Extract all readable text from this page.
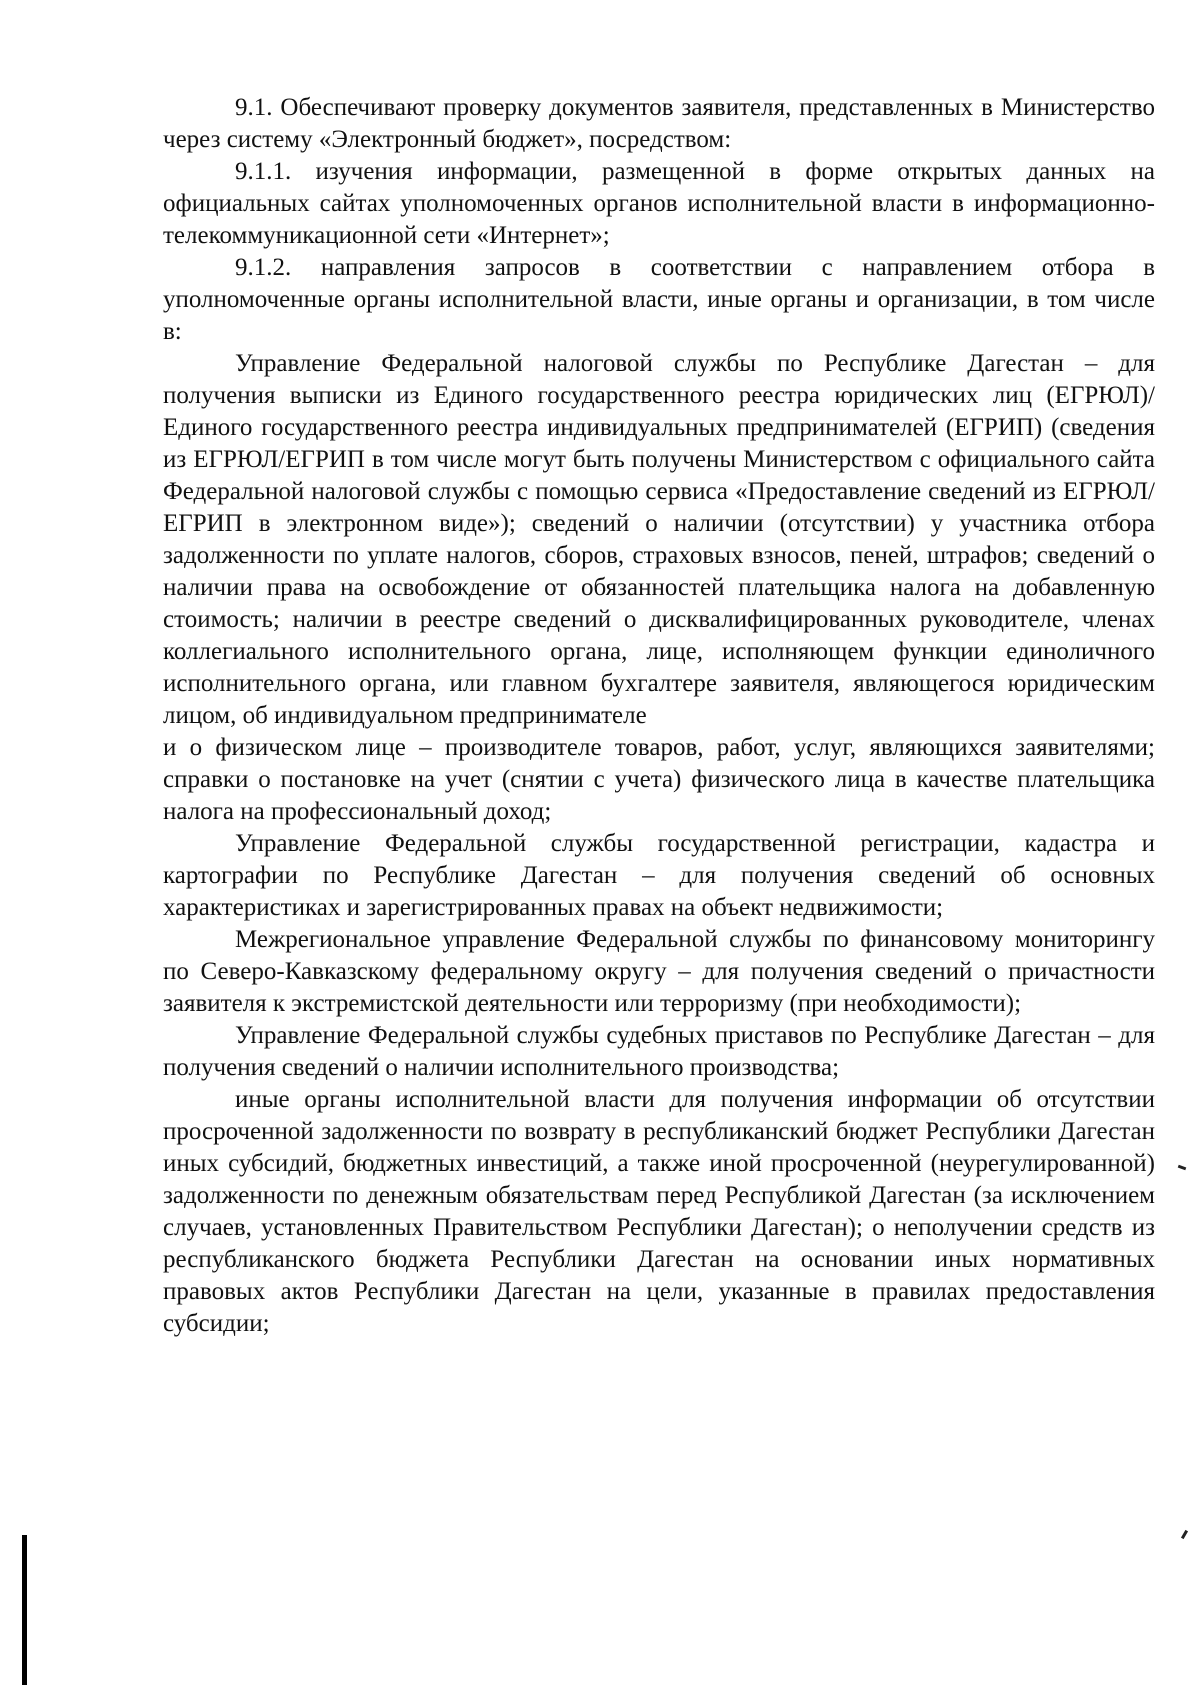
9.1. Обеспечивают проверку документов заявителя, представленных в Министерство через систему «Электронный бюджет», посредством:

9.1.1. изучения информации, размещенной в форме открытых данных на официальных сайтах уполномоченных органов исполнительной власти в информационно-телекоммуникационной сети «Интернет»;

9.1.2. направления запросов в соответствии с направлением отбора в уполномоченные органы исполнительной власти, иные органы и организации, в том числе в:

Управление Федеральной налоговой службы по Республике Дагестан – для получения выписки из Единого государственного реестра юридических лиц (ЕГРЮЛ)/Единого государственного реестра индивидуальных предпринимателей (ЕГРИП) (сведения из ЕГРЮЛ/ЕГРИП в том числе могут быть получены Министерством с официального сайта Федеральной налоговой службы с помощью сервиса «Предоставление сведений из ЕГРЮЛ/ЕГРИП в электронном виде»); сведений о наличии (отсутствии) у участника отбора задолженности по уплате налогов, сборов, страховых взносов, пеней, штрафов; сведений о наличии права на освобождение от обязанностей плательщика налога на добавленную стоимость; наличии в реестре сведений о дисквалифицированных руководителе, членах коллегиального исполнительного органа, лице, исполняющем функции единоличного исполнительного органа, или главном бухгалтере заявителя, являющегося юридическим лицом, об индивидуальном предпринимателе

и о физическом лице – производителе товаров, работ, услуг, являющихся заявителями; справки о постановке на учет (снятии с учета) физического лица в качестве плательщика налога на профессиональный доход;

Управление Федеральной службы государственной регистрации, кадастра и картографии по Республике Дагестан – для получения сведений об основных характеристиках и зарегистрированных правах на объект недвижимости;

Межрегиональное управление Федеральной службы по финансовому мониторингу по Северо-Кавказскому федеральному округу – для получения сведений о причастности заявителя к экстремистской деятельности или терроризму (при необходимости);

Управление Федеральной службы судебных приставов по Республике Дагестан – для получения сведений о наличии исполнительного производства;

иные органы исполнительной власти для получения информации об отсутствии просроченной задолженности по возврату в республиканский бюджет Республики Дагестан иных субсидий, бюджетных инвестиций, а также иной просроченной (неурегулированной) задолженности по денежным обязательствам перед Республикой Дагестан (за исключением случаев, установленных Правительством Республики Дагестан); о неполучении средств из республиканского бюджета Республики Дагестан на основании иных нормативных правовых актов Республики Дагестан на цели, указанные в правилах предоставления субсидии;
